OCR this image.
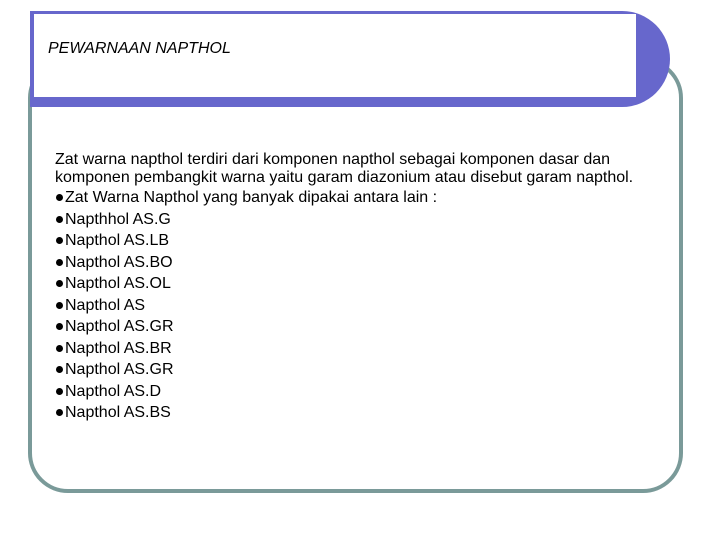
PEWARNAAN NAPTHOL

Zat warna napthol terdiri dari komponen napthol sebagai komponen dasar dan komponen pembangkit warna yaitu garam diazonium atau disebut garam napthol.

Zat Warna Napthol yang banyak dipakai antara lain :
Napthhol AS.G
Napthol AS.LB
Napthol AS.BO
Napthol AS.OL
Napthol AS
Napthol AS.GR
Napthol AS.BR
Napthol AS.GR
Napthol AS.D
Napthol AS.BS
